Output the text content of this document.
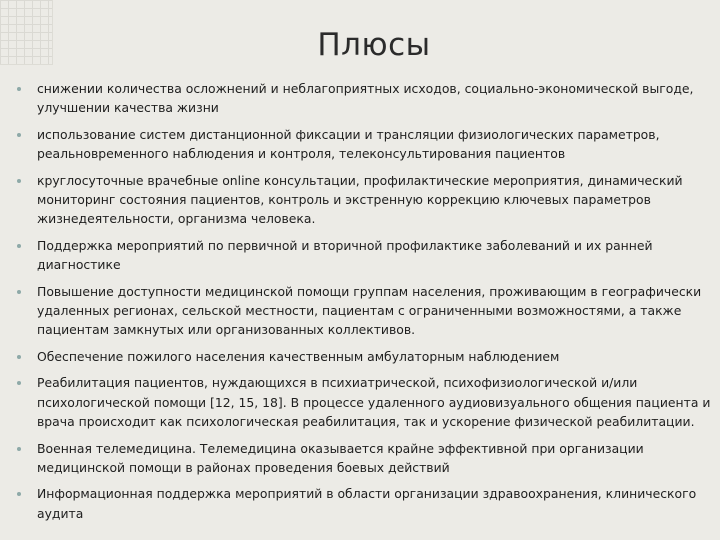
Плюсы
снижении количества осложнений и неблагоприятных исходов, социально-экономической выгоде, улучшении качества жизни
использование систем дистанционной фиксации и трансляции физиологических параметров, реальновременного наблюдения и контроля, телеконсультирования пациентов
круглосуточные врачебные online консультации, профилактические мероприятия, динамический мониторинг состояния пациентов, контроль и экстренную коррекцию ключевых параметров жизнедеятельности, организма человека.
Поддержка мероприятий по первичной и вторичной профилактике заболеваний и их ранней диагностике
Повышение доступности медицинской помощи группам населения, проживающим в географически удаленных регионах, сельской местности, пациентам с ограниченными возможностями, а также пациентам замкнутых или организованных коллективов.
Обеспечение пожилого населения качественным амбулаторным наблюдением
Реабилитация пациентов, нуждающихся в психиатрической, психофизиологической и/или психологической помощи [12, 15, 18]. В процессе удаленного аудиовизуального общения пациента и врача происходит как психологическая реабилитация, так и ускорение физической реабилитации.
Военная телемедицина. Телемедицина оказывается крайне эффективной при организации медицинской помощи в районах проведения боевых действий
Информационная поддержка мероприятий в области организации здравоохранения, клинического аудита
